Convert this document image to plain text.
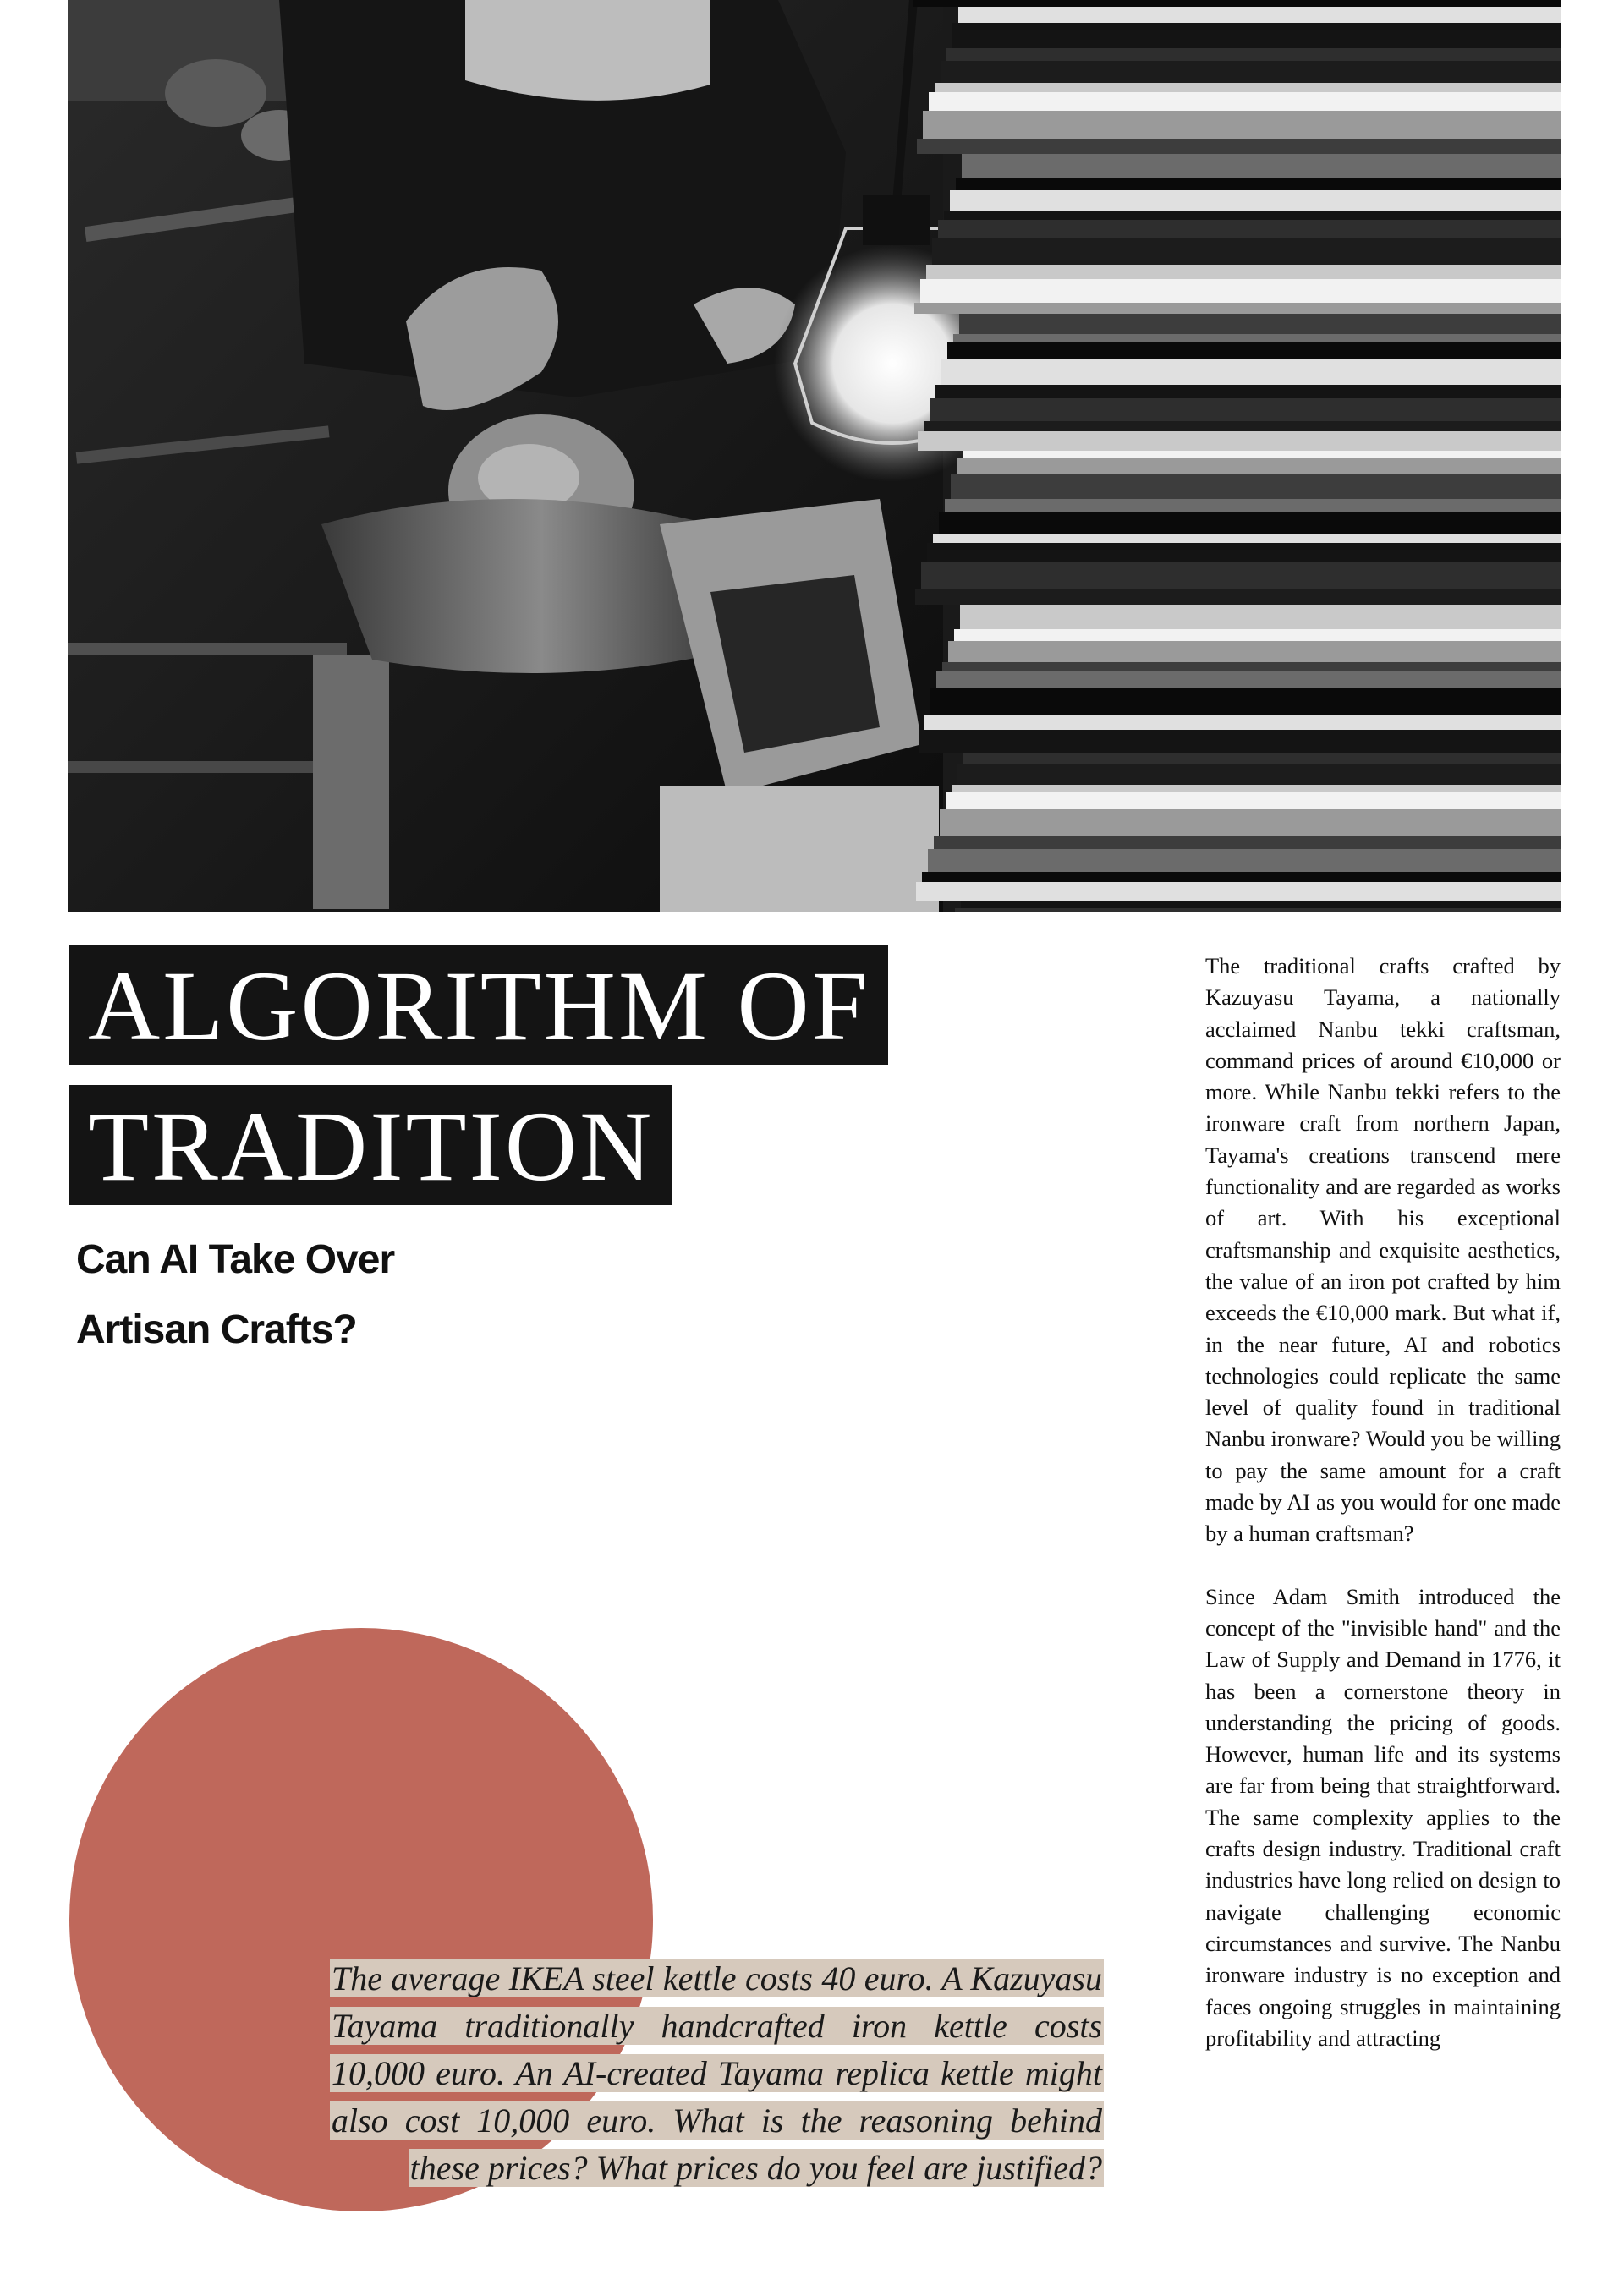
ALGORITHM OF
TRADITION
Can AI Take Over
Artisan Crafts?
The average IKEA steel kettle costs 40 euro. A Kazuyasu Tayama traditionally handcrafted iron kettle costs 10,000 euro. An AI-created Tayama replica kettle might also cost 10,000 euro. What is the reasoning behind these prices? What prices do you feel are justified?

The traditional crafts crafted by Kazuyasu Tayama, a nationally acclaimed Nanbu tekki craftsman, command prices of around €10,000 or more. While Nanbu tekki refers to the ironware craft from northern Japan, Tayama's creations transcend mere functionality and are regarded as works of art. With his exceptional craftsmanship and exquisite aesthetics, the value of an iron pot crafted by him exceeds the €10,000 mark. But what if, in the near future, AI and robotics technologies could replicate the same level of quality found in traditional Nanbu ironware? Would you be willing to pay the same amount for a craft made by AI as you would for one made by a human craftsman?

Since Adam Smith introduced the concept of the "invisible hand" and the Law of Supply and Demand in 1776, it has been a cornerstone theory in understanding the pricing of goods. However, human life and its systems are far from being that straightforward. The same complexity applies to the crafts design industry. Traditional craft industries have long relied on design to navigate challenging economic circumstances and survive. The Nanbu ironware industry is no exception and faces ongoing struggles in maintaining profitability and attracting
